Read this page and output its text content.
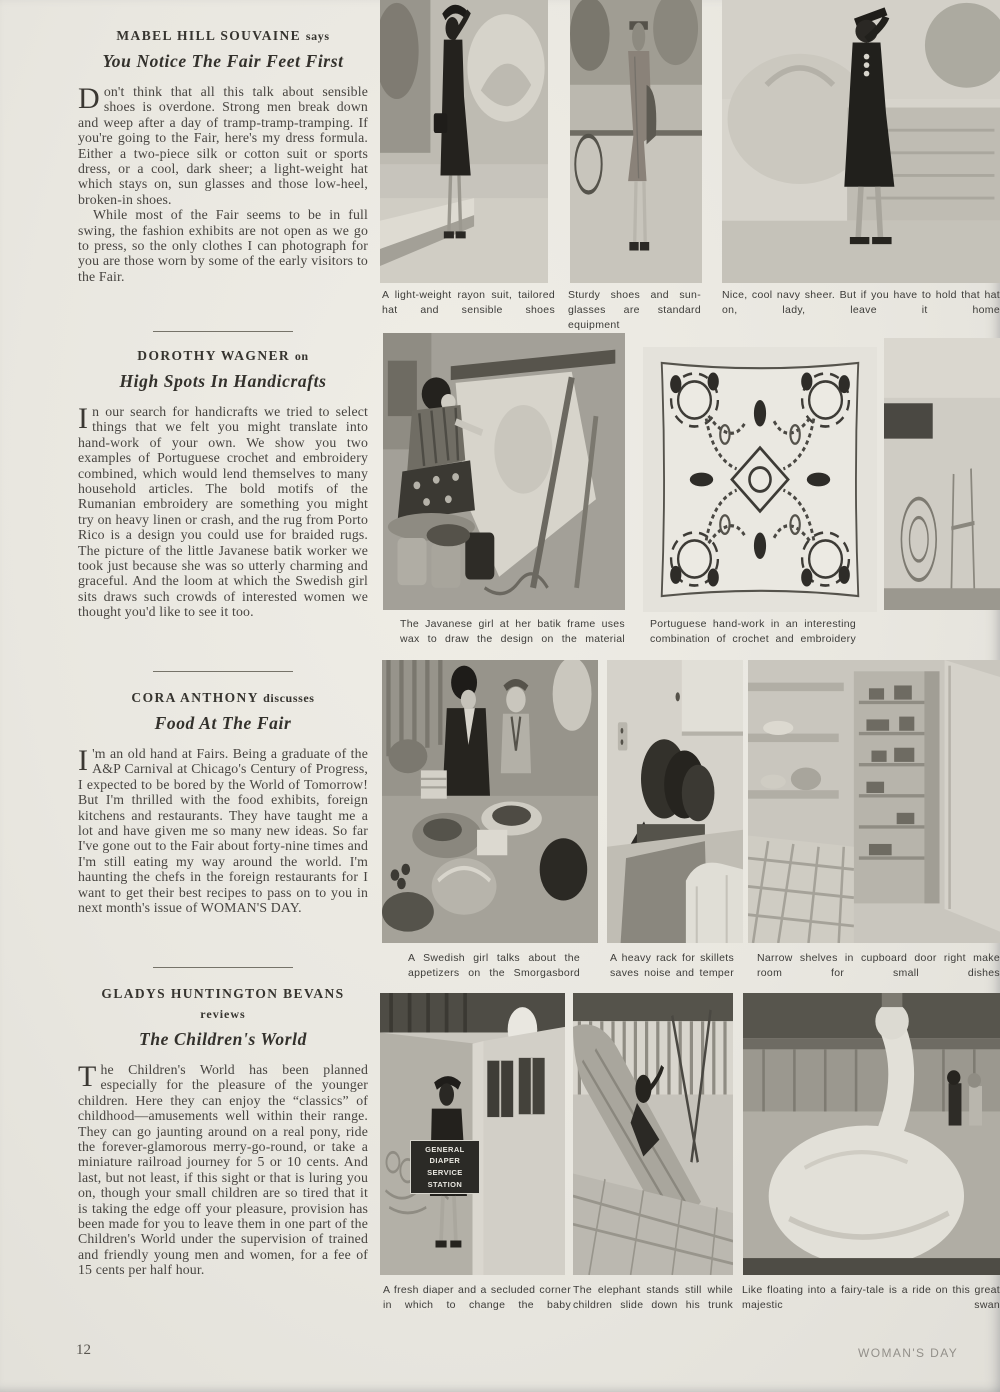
MABEL HILL SOUVAINE says
You Notice The Fair Feet First

Don't think that all this talk about sensible shoes is overdone. Strong men break down and weep after a day of tramp-tramp-tramping. If you're going to the Fair, here's my dress formula. Either a two-piece silk or cotton suit or sports dress, or a cool, dark sheer; a light-weight hat which stays on, sun glasses and those low-heel, broken-in shoes.

While most of the Fair seems to be in full swing, the fashion exhibits are not open as we go to press, so the only clothes I can photograph for you are those worn by some of the early visitors to the Fair.

DOROTHY WAGNER on
High Spots In Handicrafts

In our search for handicrafts we tried to select things that we felt you might translate into hand-work of your own. We show you two examples of Portuguese crochet and embroidery combined, which would lend themselves to many household articles. The bold motifs of the Rumanian embroidery are something you might try on heavy linen or crash, and the rug from Porto Rico is a design you could use for braided rugs. The picture of the little Javanese batik worker we took just because she was so utterly charming and graceful. And the loom at which the Swedish girl sits draws such crowds of interested women we thought you'd like to see it too.

CORA ANTHONY discusses
Food At The Fair

I 'm an old hand at Fairs. Being a graduate of the A&P Carnival at Chicago's Century of Progress, I expected to be bored by the World of Tomorrow! But I'm thrilled with the food exhibits, foreign kitchens and restaurants. They have taught me a lot and have given me so many new ideas. So far I've gone out to the Fair about forty-nine times and I'm still eating my way around the world. I'm haunting the chefs in the foreign restaurants for I want to get their best recipes to pass on to you in next month's issue of WOMAN'S DAY.

GLADYS HUNTINGTON BEVANS
reviews
The Children's World

The Children's World has been planned especially for the pleasure of the younger children. Here they can enjoy the “classics” of childhood—amusements well within their range. They can go jaunting around on a real pony, ride the forever-glamorous merry-go-round, or take a miniature railroad journey for 5 or 10 cents. And last, but not least, if this sight or that is luring you on, though your small children are so tired that it is taking the edge off your pleasure, provision has been made for you to leave them in one part of the Children's World under the supervision of trained and friendly young men and women, for a fee of 15 cents per half hour.

A light-weight rayon suit, tailored hat and sensible shoes
Sturdy shoes and sun-glasses are standard equipment
Nice, cool navy sheer. But if you have to hold that hat on, lady, leave it home
The Javanese girl at her batik frame uses wax to draw the design on the material
Portuguese hand-work in an interesting combination of crochet and embroidery
A Swedish girl talks about the appetizers on the Smorgasbord
A heavy rack for skillets saves noise and temper
Narrow shelves in cupboard door right make room for small dishes
GENERAL DIAPER
SERVICE STATION
A fresh diaper and a secluded corner in which to change the baby
The elephant stands still while children slide down his trunk
Like floating into a fairy-tale is a ride on this great majestic swan
12	WOMAN'S DAY
